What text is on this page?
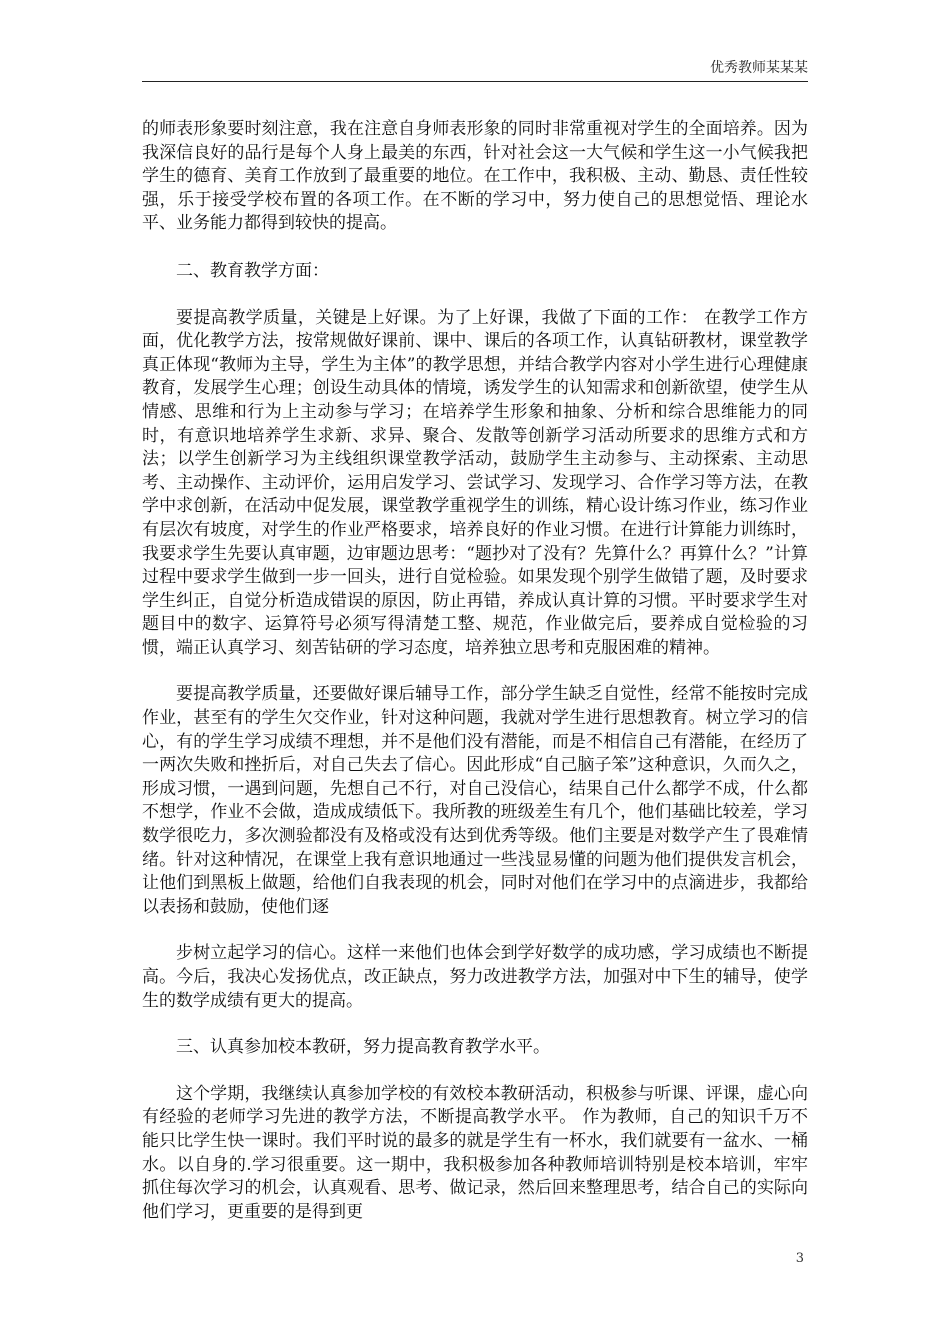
优秀教师某某某

的师表形象要时刻注意，我在注意自身师表形象的同时非常重视对学生的全面培养。因为我深信良好的品行是每个人身上最美的东西，针对社会这一大气候和学生这一小气候我把学生的德育、美育工作放到了最重要的地位。在工作中，我积极、主动、勤恳、责任性较强，乐于接受学校布置的各项工作。在不断的学习中，努力使自己的思想觉悟、理论水平、业务能力都得到较快的提高。

二、教育教学方面：

要提高教学质量，关键是上好课。为了上好课，我做了下面的工作： 在教学工作方面，优化教学方法，按常规做好课前、课中、课后的各项工作，认真钻研教材，课堂教学真正体现“教师为主导，学生为主体”的教学思想，并结合教学内容对小学生进行心理健康教育，发展学生心理；创设生动具体的情境，诱发学生的认知需求和创新欲望，使学生从情感、思维和行为上主动参与学习；在培养学生形象和抽象、分析和综合思维能力的同时，有意识地培养学生求新、求异、聚合、发散等创新学习活动所要求的思维方式和方法；以学生创新学习为主线组织课堂教学活动，鼓励学生主动参与、主动探索、主动思考、主动操作、主动评价，运用启发学习、尝试学习、发现学习、合作学习等方法，在教学中求创新，在活动中促发展，课堂教学重视学生的训练，精心设计练习作业，练习作业有层次有坡度，对学生的作业严格要求，培养良好的作业习惯。在进行计算能力训练时，我要求学生先要认真审题，边审题边思考：“题抄对了没有？先算什么？再算什么？”计算过程中要求学生做到一步一回头，进行自觉检验。如果发现个别学生做错了题，及时要求学生纠正，自觉分析造成错误的原因，防止再错，养成认真计算的习惯。平时要求学生对题目中的数字、运算符号必须写得清楚工整、规范，作业做完后，要养成自觉检验的习惯，端正认真学习、刻苦钻研的学习态度，培养独立思考和克服困难的精神。

要提高教学质量，还要做好课后辅导工作，部分学生缺乏自觉性，经常不能按时完成作业，甚至有的学生欠交作业，针对这种问题，我就对学生进行思想教育。树立学习的信心，有的学生学习成绩不理想，并不是他们没有潜能，而是不相信自己有潜能，在经历了一两次失败和挫折后，对自己失去了信心。因此形成“自己脑子笨”这种意识，久而久之，形成习惯，一遇到问题，先想自己不行，对自己没信心，结果自己什么都学不成，什么都不想学，作业不会做，造成成绩低下。我所教的班级差生有几个，他们基础比较差，学习数学很吃力，多次测验都没有及格或没有达到优秀等级。他们主要是对数学产生了畏难情绪。针对这种情况，在课堂上我有意识地通过一些浅显易懂的问题为他们提供发言机会，让他们到黑板上做题，给他们自我表现的机会，同时对他们在学习中的点滴进步，我都给以表扬和鼓励，使他们逐

步树立起学习的信心。这样一来他们也体会到学好数学的成功感，学习成绩也不断提高。今后，我决心发扬优点，改正缺点，努力改进教学方法，加强对中下生的辅导，使学生的数学成绩有更大的提高。

三、认真参加校本教研，努力提高教育教学水平。

这个学期，我继续认真参加学校的有效校本教研活动，积极参与听课、评课，虚心向有经验的老师学习先进的教学方法，不断提高教学水平。 作为教师，自己的知识千万不能只比学生快一课时。我们平时说的最多的就是学生有一杯水，我们就要有一盆水、一桶水。以自身的.学习很重要。这一期中，我积极参加各种教师培训特别是校本培训，牢牢抓住每次学习的机会，认真观看、思考、做记录，然后回来整理思考，结合自己的实际向他们学习，更重要的是得到更

3
